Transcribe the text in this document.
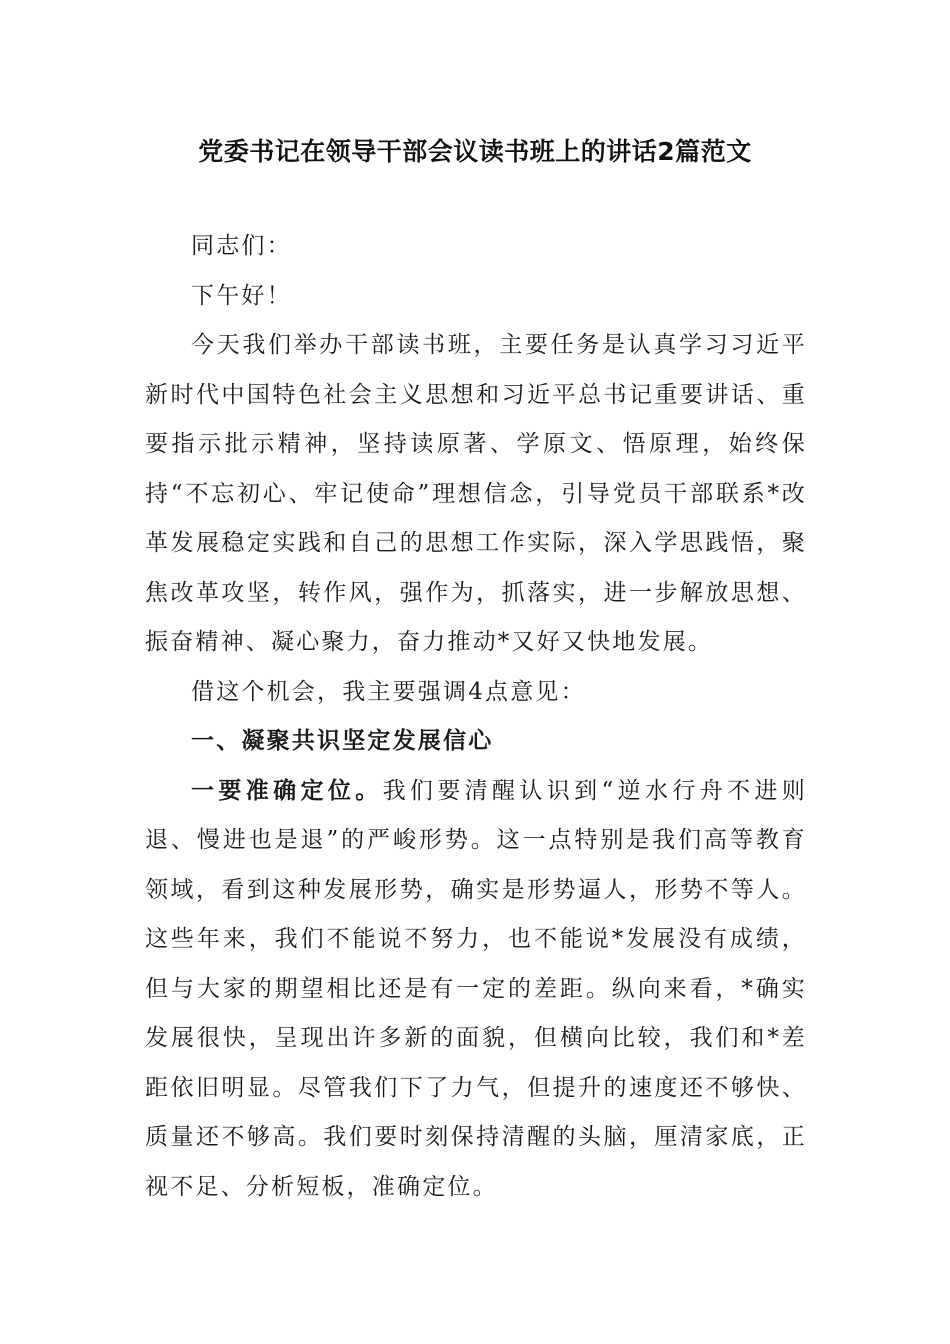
党委书记在领导干部会议读书班上的讲话2篇范文

同志们：

下午好！

今天我们举办干部读书班，主要任务是认真学习习近平新时代中国特色社会主义思想和习近平总书记重要讲话、重要指示批示精神，坚持读原著、学原文、悟原理，始终保持“不忘初心、牢记使命”理想信念，引导党员干部联系*改革发展稳定实践和自己的思想工作实际，深入学思践悟，聚焦改革攻坚，转作风，强作为，抓落实，进一步解放思想、振奋精神、凝心聚力，奋力推动*又好又快地发展。

借这个机会，我主要强调4点意见：

一、凝聚共识坚定发展信心

一要准确定位。我们要清醒认识到“逆水行舟不进则退、慢进也是退”的严峻形势。这一点特别是我们高等教育领域，看到这种发展形势，确实是形势逼人，形势不等人。这些年来，我们不能说不努力，也不能说*发展没有成绩，但与大家的期望相比还是有一定的差距。纵向来看，*确实发展很快，呈现出许多新的面貌，但横向比较，我们和*差距依旧明显。尽管我们下了力气，但提升的速度还不够快、质量还不够高。我们要时刻保持清醒的头脑，厘清家底，正视不足、分析短板，准确定位。
